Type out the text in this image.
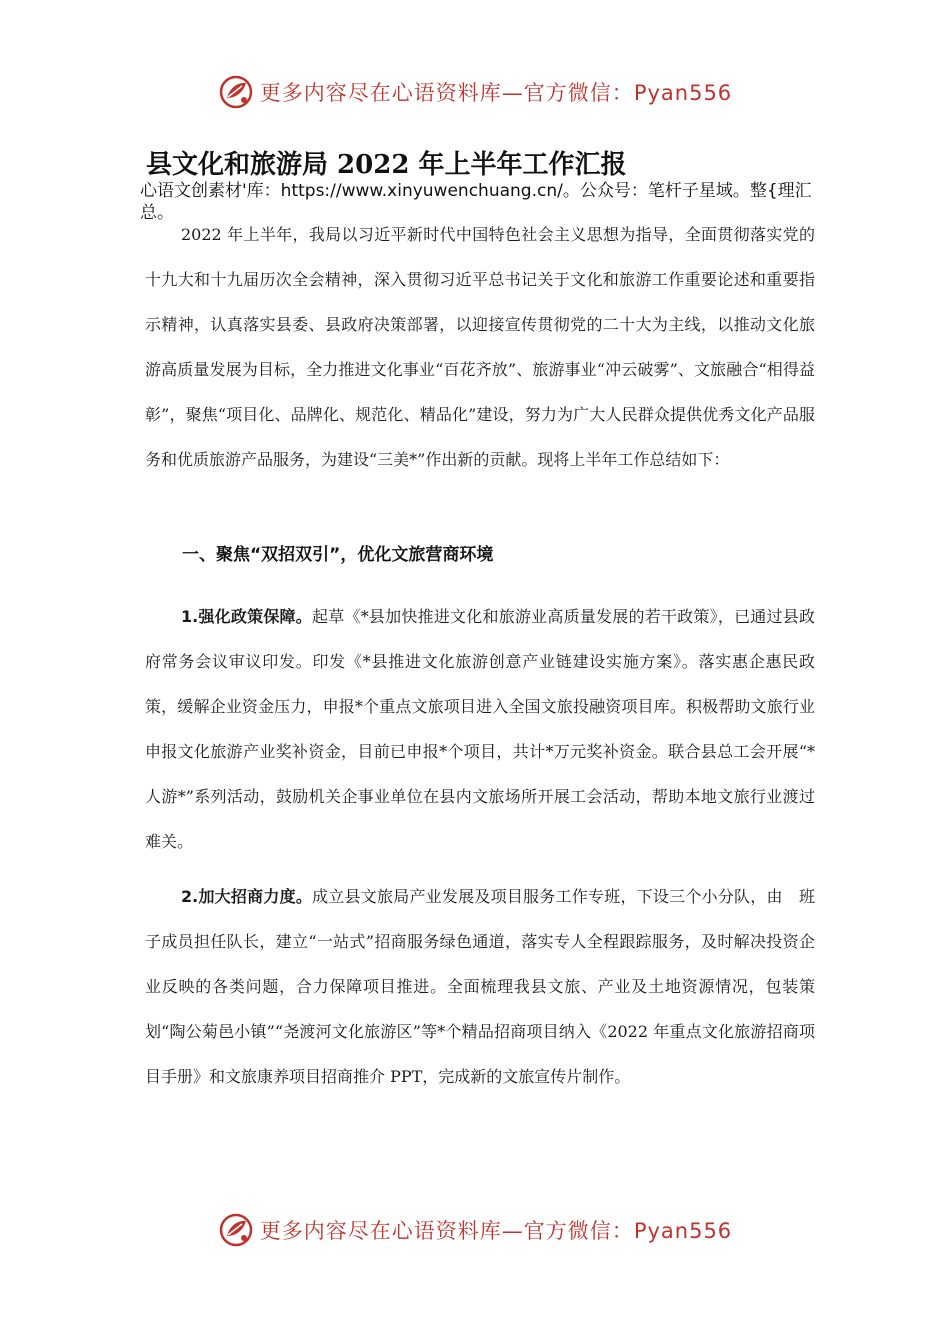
更多内容尽在心语资料库—官方微信：Pyan556
县文化和旅游局 2022 年上半年工作汇报
心语文创素材'库：https://www.xinyuwenchuang.cn/。公众号：笔杆子星域。整{理汇总。
2022 年上半年，我局以习近平新时代中国特色社会主义思想为指导，全面贯彻落实党的十九大和十九届历次全会精神，深入贯彻习近平总书记关于文化和旅游工作重要论述和重要指示精神，认真落实县委、县政府决策部署，以迎接宣传贯彻党的二十大为主线，以推动文化旅游高质量发展为目标，全力推进文化事业“百花齐放”、旅游事业“冲云破雾”、文旅融合“相得益彰”，聚焦“项目化、品牌化、规范化、精品化”建设，努力为广大人民群众提供优秀文化产品服务和优质旅游产品服务，为建设“三美*”作出新的贡献。现将上半年工作总结如下：
一、聚焦“双招双引”，优化文旅营商环境
1.强化政策保障。起草《*县加快推进文化和旅游业高质量发展的若干政策》，已通过县政府常务会议审议印发。印发《*县推进文化旅游创意产业链建设实施方案》。落实惠企惠民政策，缓解企业资金压力，申报*个重点文旅项目进入全国文旅投融资项目库。积极帮助文旅行业申报文化旅游产业奖补资金，目前已申报*个项目，共计*万元奖补资金。联合县总工会开展“*人游*”系列活动，鼓励机关企事业单位在县内文旅场所开展工会活动，帮助本地文旅行业渡过难关。
2.加大招商力度。成立县文旅局产业发展及项目服务工作专班，下设三个小分队，由　班子成员担任队长，建立“一站式”招商服务绿色通道，落实专人全程跟踪服务，及时解决投资企业反映的各类问题，合力保障项目推进。全面梳理我县文旅、产业及土地资源情况，包装策划“陶公菊邑小镇”“尧渡河文化旅游区”等*个精品招商项目纳入《2022 年重点文化旅游招商项目手册》和文旅康养项目招商推介 PPT，完成新的文旅宣传片制作。
更多内容尽在心语资料库—官方微信：Pyan556
